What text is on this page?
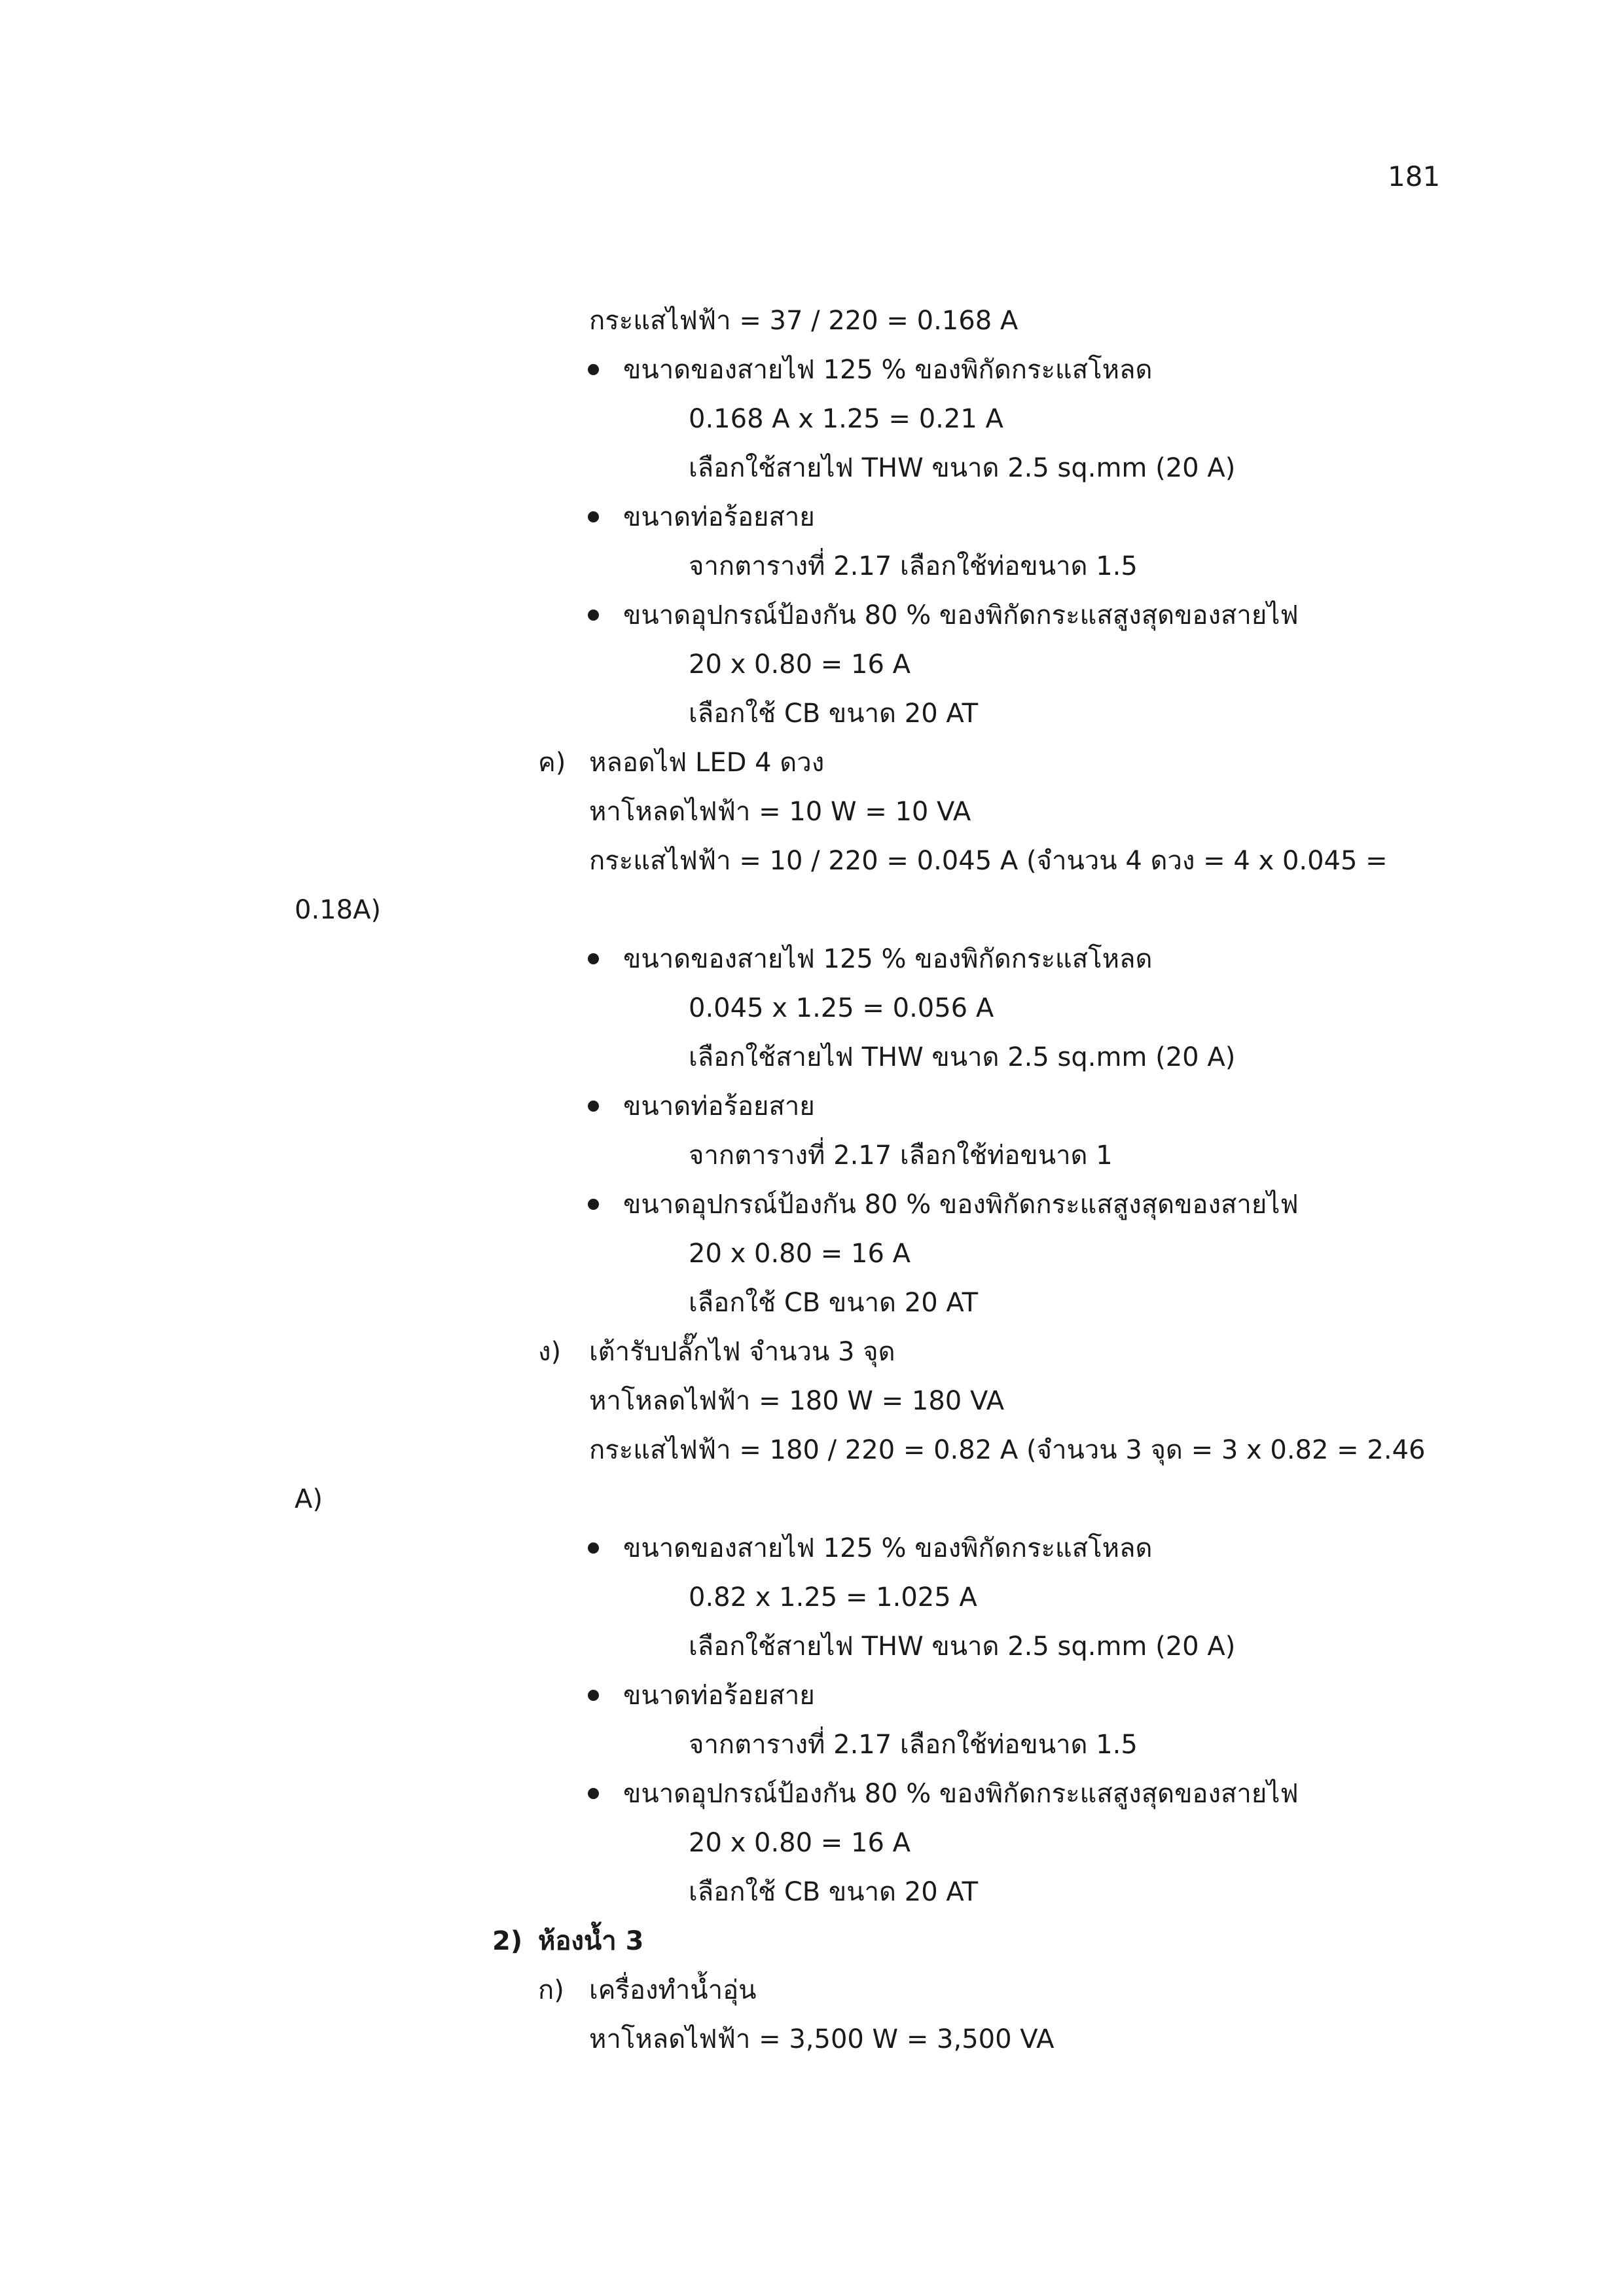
181
กระแสไฟฟ้า = 37 / 220 = 0.168 A
ขนาดของสายไฟ 125 % ของพิกัดกระแสโหลด
0.168 A x 1.25 = 0.21 A
เลือกใช้สายไฟ THW ขนาด 2.5 sq.mm (20 A)
ขนาดท่อร้อยสาย
จากตารางที่ 2.17 เลือกใช้ท่อขนาด 1.5
ขนาดอุปกรณ์ป้องกัน 80 % ของพิกัดกระแสสูงสุดของสายไฟ
20 x 0.80 = 16 A
เลือกใช้ CB ขนาด 20 AT
ค) หลอดไฟ LED 4 ดวง
หาโหลดไฟฟ้า = 10 W = 10 VA
กระแสไฟฟ้า = 10 / 220 = 0.045 A (จำนวน 4 ดวง = 4 x 0.045 =
0.18A)
ขนาดของสายไฟ 125 % ของพิกัดกระแสโหลด
0.045 x 1.25 = 0.056 A
เลือกใช้สายไฟ THW ขนาด 2.5 sq.mm (20 A)
ขนาดท่อร้อยสาย
จากตารางที่ 2.17 เลือกใช้ท่อขนาด 1
ขนาดอุปกรณ์ป้องกัน 80 % ของพิกัดกระแสสูงสุดของสายไฟ
20 x 0.80 = 16 A
เลือกใช้ CB ขนาด 20 AT
ง) เต้ารับปลั๊กไฟ จำนวน 3 จุด
หาโหลดไฟฟ้า = 180 W = 180 VA
กระแสไฟฟ้า = 180 / 220 = 0.82 A (จำนวน 3 จุด = 3 x 0.82 = 2.46
A)
ขนาดของสายไฟ 125 % ของพิกัดกระแสโหลด
0.82 x 1.25 = 1.025 A
เลือกใช้สายไฟ THW ขนาด 2.5 sq.mm (20 A)
ขนาดท่อร้อยสาย
จากตารางที่ 2.17 เลือกใช้ท่อขนาด 1.5
ขนาดอุปกรณ์ป้องกัน 80 % ของพิกัดกระแสสูงสุดของสายไฟ
20 x 0.80 = 16 A
เลือกใช้ CB ขนาด 20 AT
2) ห้องน้ำ 3
ก) เครื่องทำน้ำอุ่น
หาโหลดไฟฟ้า = 3,500 W = 3,500 VA
